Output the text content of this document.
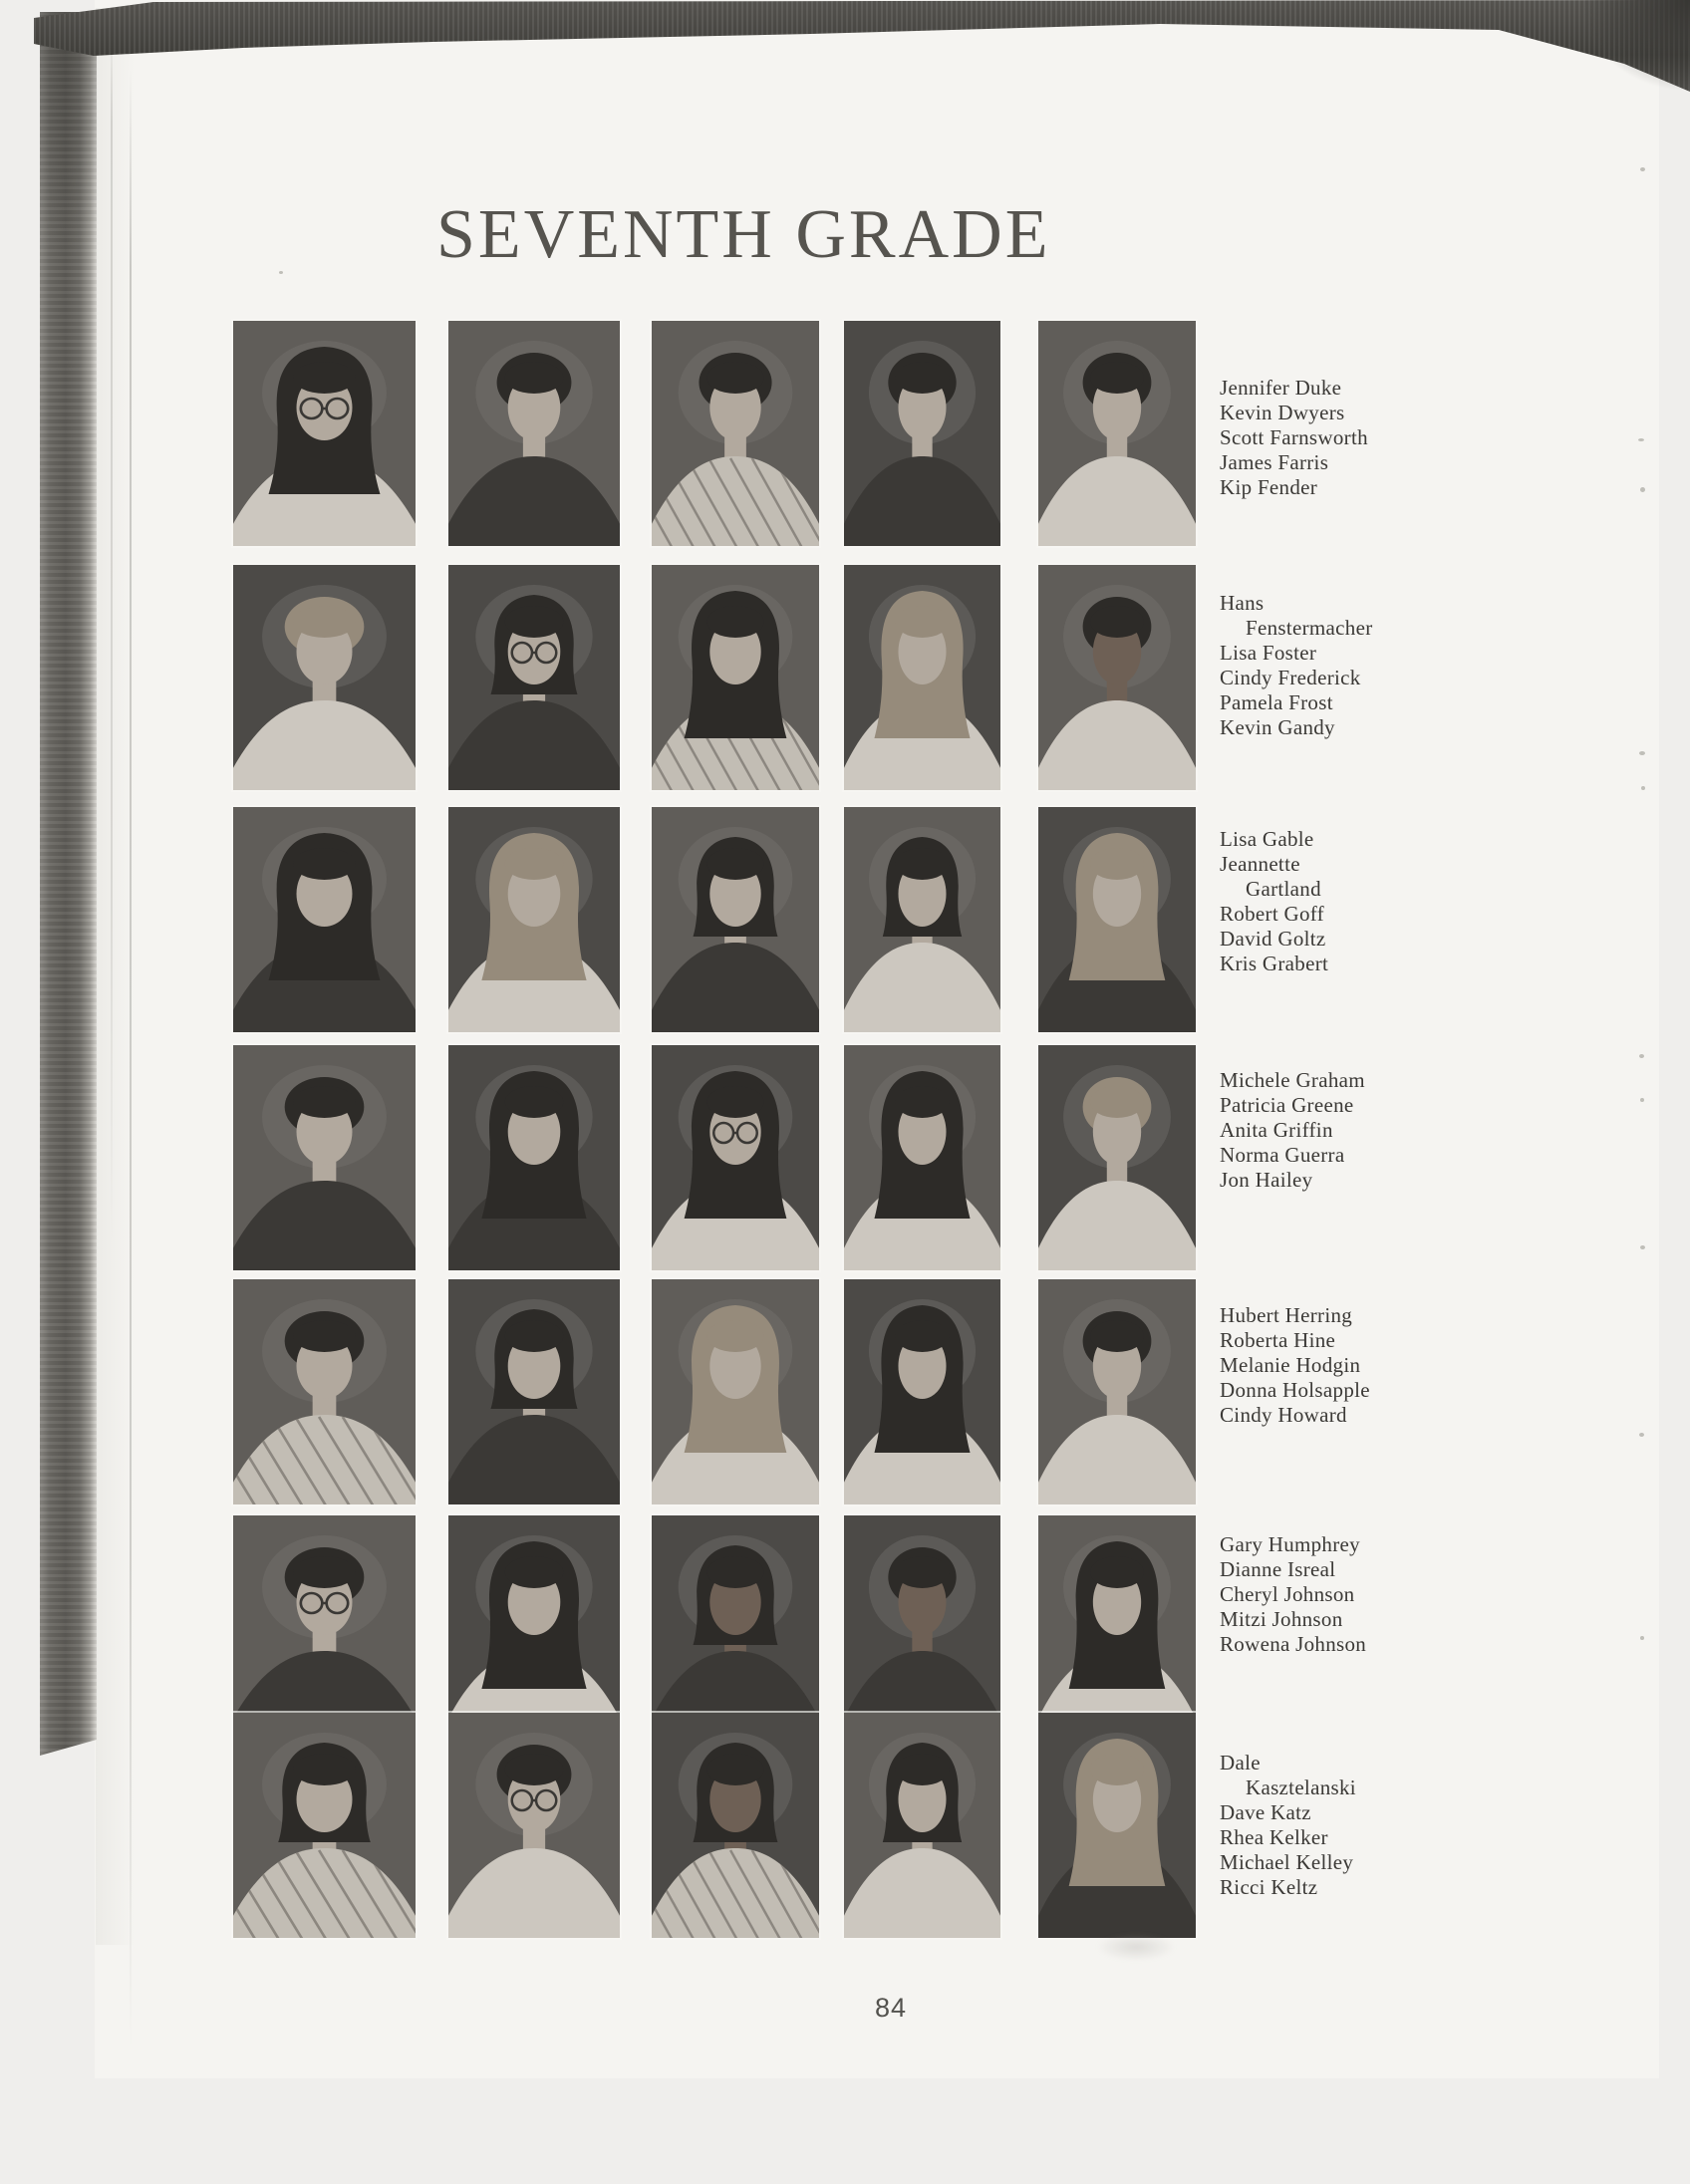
SEVENTH GRADE
Jennifer Duke
Kevin Dwyers
Scott Farnsworth
James Farris
Kip Fender
Hans
Fenstermacher
Lisa Foster
Cindy Frederick
Pamela Frost
Kevin Gandy
Lisa Gable
Jeannette
Gartland
Robert Goff
David Goltz
Kris Grabert
Michele Graham
Patricia Greene
Anita Griffin
Norma Guerra
Jon Hailey
Hubert Herring
Roberta Hine
Melanie Hodgin
Donna Holsapple
Cindy Howard
Gary Humphrey
Dianne Isreal
Cheryl Johnson
Mitzi Johnson
Rowena Johnson
Dale
Kasztelanski
Dave Katz
Rhea Kelker
Michael Kelley
Ricci Keltz
84
